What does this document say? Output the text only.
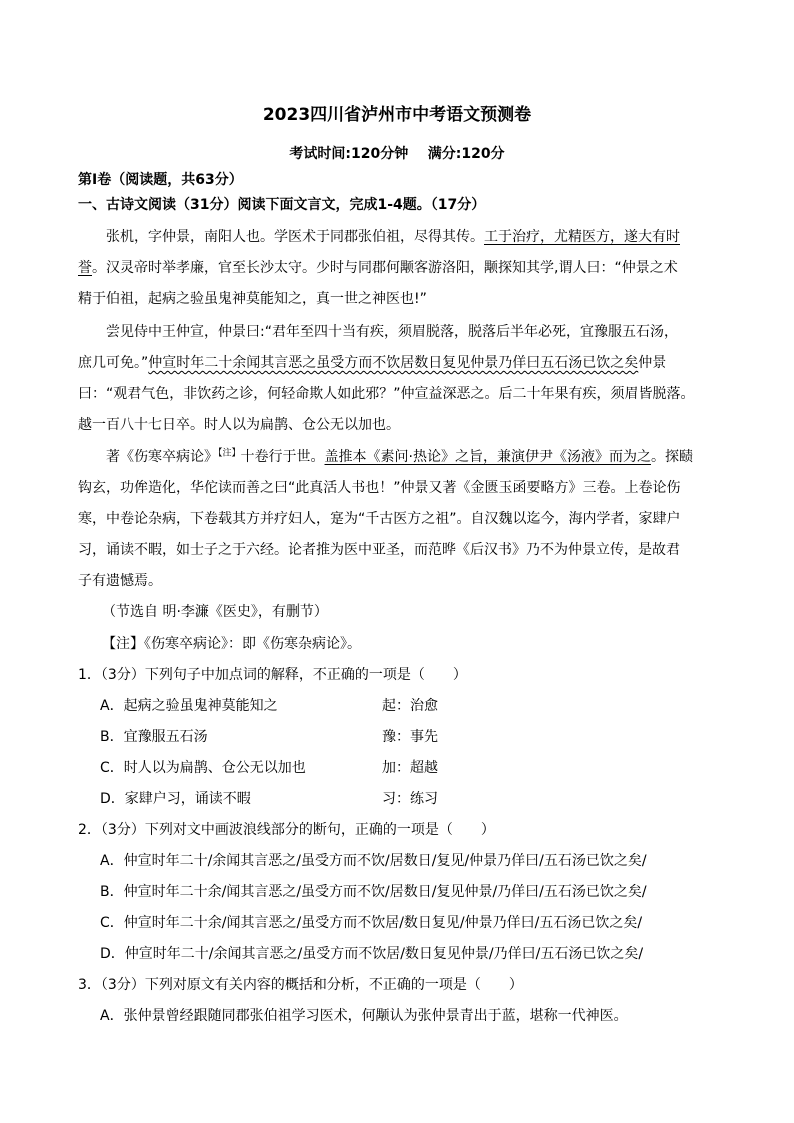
2023四川省泸州市中考语文预测卷
考试时间:120分钟    满分:120分
第Ⅰ卷（阅读题，共63分）
一、古诗文阅读（31分）阅读下面文言文，完成1-4题。（17分）
张机，字仲景，南阳人也。学医术于同郡张伯祖，尽得其传。工于治疗，尤精医方，遂大有时
誉。汉灵帝时举孝廉，官至长沙太守。少时与同郡何颙客游洛阳，颙探知其学,谓人曰：“仲景之术
精于伯祖，起病之验虽鬼神莫能知之，真一世之神医也!”
尝见侍中王仲宣，仲景曰:“君年至四十当有疾，须眉脱落，脱落后半年必死，宜豫服五石汤，
庶几可免。”仲宣时年二十余闻其言恶之虽受方而不饮居数日复见仲景乃佯曰五石汤已饮之矣仲景
曰：“观君气色，非饮药之诊，何轻命欺人如此邪？”仲宣益深恶之。后二十年果有疾，须眉皆脱落。
越一百八十七日卒。时人以为扁鹊、仓公无以加也。
著《伤寒卒病论》$^{【注】}$十卷行于世。盖推本《素问·热论》之旨，兼演伊尹《汤液》而为之。探赜
钩玄，功侔造化，华佗读而善之曰“此真活人书也！”仲景又著《金匮玉函要略方》三卷。上卷论伤
寒，中卷论杂病，下卷载其方并疗妇人，寔为“千古医方之祖”。自汉魏以迄今，海内学者，家肆户
习，诵读不暇，如士子之于六经。论者推为医中亚圣，而范晔《后汉书》乃不为仲景立传，是故君
子有遗憾焉。
（节选自 明·李濂《医史》，有删节）
【注】《伤寒卒病论》：即《伤寒杂病论》。
1．（3分）下列句子中加点词的解释，不正确的一项是（　　）
A．起病之验虽鬼神莫能知之	起：治愈
B．宜豫服五石汤	豫：事先
C．时人以为扁鹊、仓公无以加也	加：超越
D．家肆户习，诵读不暇	习：练习
2．（3分）下列对文中画波浪线部分的断句，正确的一项是（　　）
A．仲宣时年二十/余闻其言恶之/虽受方而不饮/居数日/复见/仲景乃佯曰/五石汤已饮之矣/
B．仲宣时年二十余/闻其言恶之/虽受方而不饮/居数日/复见仲景/乃佯曰/五石汤已饮之矣/
C．仲宣时年二十余/闻其言恶之/虽受方而不饮居/数日复见/仲景乃佯曰/五石汤已饮之矣/
D．仲宣时年二十/余闻其言恶之/虽受方而不饮居/数日复见仲景/乃佯曰/五石汤已饮之矣/
3．（3分）下列对原文有关内容的概括和分析，不正确的一项是（　　）
A．张仲景曾经跟随同郡张伯祖学习医术，何颙认为张仲景青出于蓝，堪称一代神医。
